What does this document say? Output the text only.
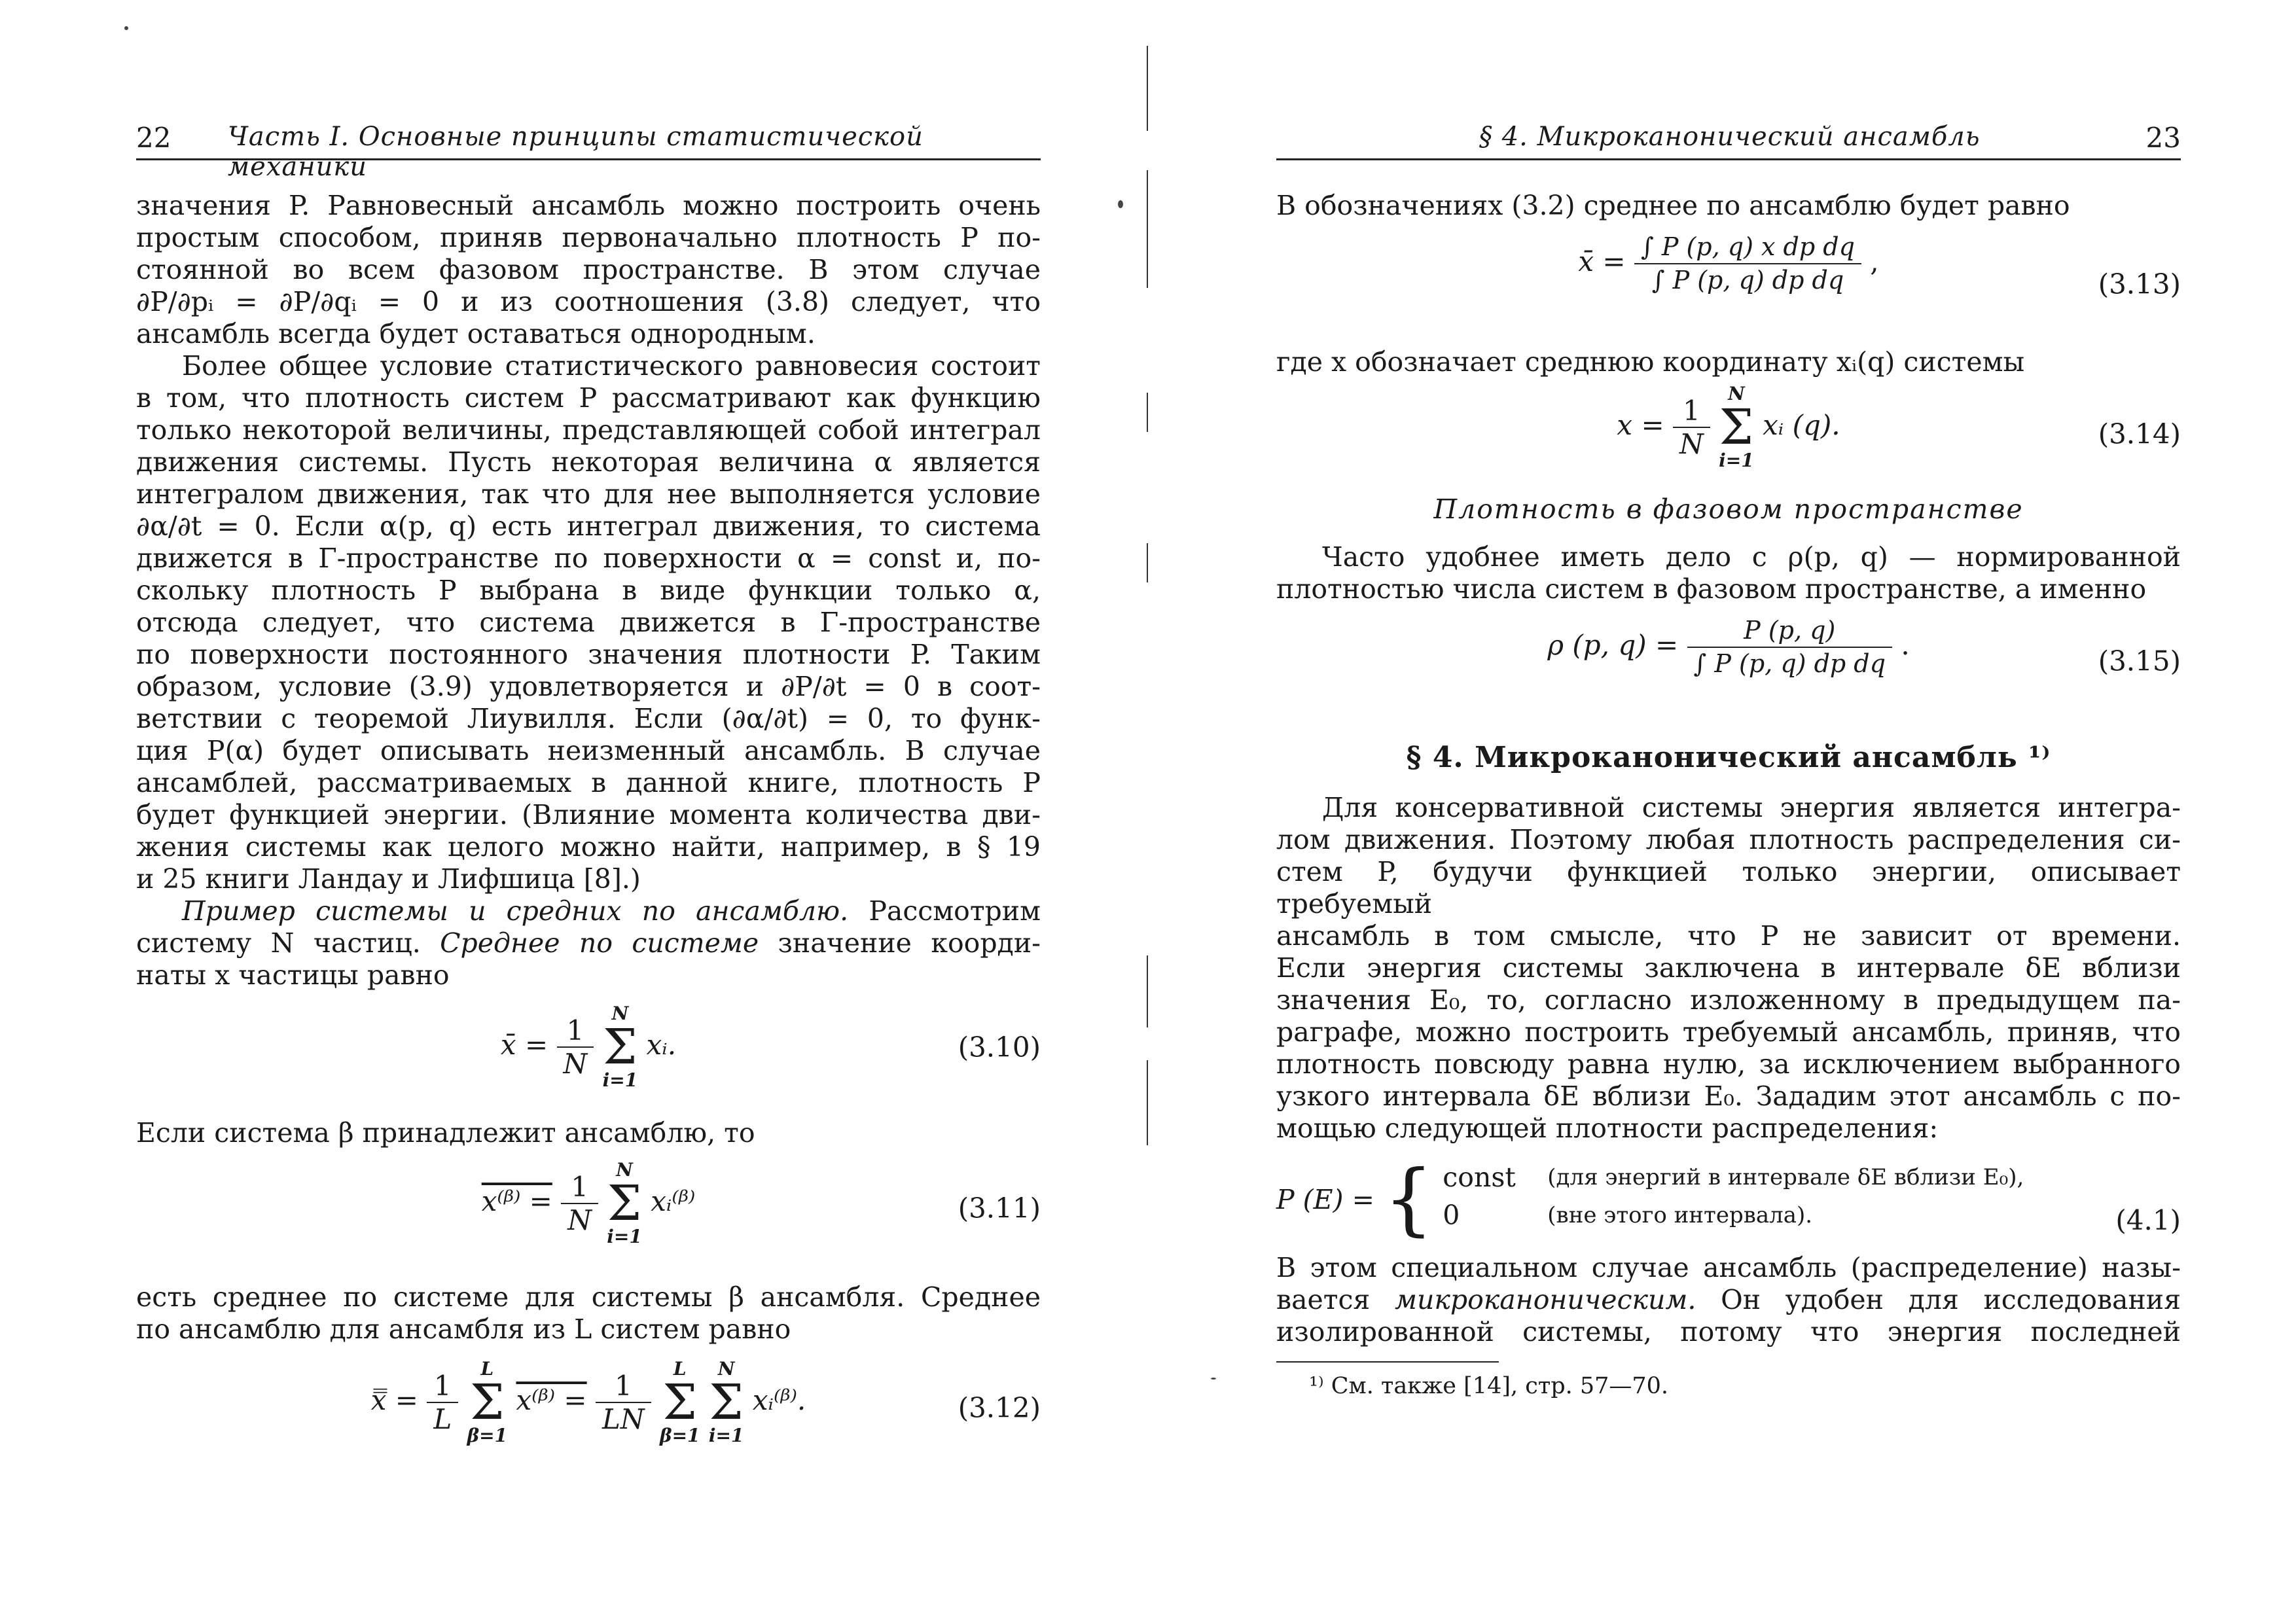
22 Часть I. Основные принципы статистической механики

значения P. Равновесный ансамбль можно построить очень

простым способом, приняв первоначально плотность P по-

стоянной во всем фазовом пространстве. В этом случае

∂P/∂pᵢ = ∂P/∂qᵢ = 0 и из соотношения (3.8) следует, что

ансамбль всегда будет оставаться однородным.

Более общее условие статистического равновесия состоит

в том, что плотность систем P рассматривают как функцию

только некоторой величины, представляющей собой интеграл

движения системы. Пусть некоторая величина α является

интегралом движения, так что для нее выполняется условие

∂α/∂t = 0. Если α(p, q) есть интеграл движения, то система

движется в Γ-пространстве по поверхности α = const и, по-

скольку плотность P выбрана в виде функции только α,

отсюда следует, что система движется в Γ-пространстве

по поверхности постоянного значения плотности P. Таким

образом, условие (3.9) удовлетворяется и ∂P/∂t = 0 в соот-

ветствии с теоремой Лиувилля. Если (∂α/∂t) = 0, то функ-

ция P(α) будет описывать неизменный ансамбль. В случае

ансамблей, рассматриваемых в данной книге, плотность P

будет функцией энергии. (Влияние момента количества дви-

жения системы как целого можно найти, например, в § 19

и 25 книги Ландау и Лифшица [8].)

Пример системы и средних по ансамблю. Рассмотрим

систему N частиц. Среднее по системе значение коорди-

наты x частицы равно

x̄ = $\frac{1}{N}$

N
Σ
i=1
xᵢ.	(3.10)

Если система β принадлежит ансамблю, то

x⁽ᵝ⁾ = $\frac{1}{N}$

N
Σ
i=1
xᵢ⁽ᵝ⁾	(3.11)

есть среднее по системе для системы β ансамбля. Среднее

по ансамблю для ансамбля из L систем равно

x̿ = $\frac{1}{L}$

L
Σ
β=1
x⁽ᵝ⁾ = $\frac{1}{LN}$

L
Σ
β=1

N
Σ
i=1
xᵢ⁽ᵝ⁾.	(3.12)
§ 4. Микроканонический ансамбль	23

В обозначениях (3.2) среднее по ансамблю будет равно

x̄ = $\frac{\text{∫ P (p, q) x dp dq}}{\text{∫ P (p, q) dp dq}}$ ,
(3.13)

где x обозначает среднюю координату xᵢ(q) системы

$x = \frac{1}{N}$

N
Σ
i=1
xᵢ (q).	(3.14)
Плотность в фазовом пространстве

Часто удобнее иметь дело с ρ(p, q) — нормированной

плотностью числа систем в фазовом пространстве, а именно

ρ (p, $q) = \frac{P (p, q)}{\text{∫ P (p, q) dp dq}}$ .	(3.15)
§ 4. Микроканонический ансамбль ¹⁾

Для консервативной системы энергия является интегра-

лом движения. Поэтому любая плотность распределения си-

стем P, будучи функцией только энергии, описывает требуемый

ансамбль в том смысле, что P не зависит от времени.

Если энергия системы заключена в интервале δE вблизи

значения E₀, то, согласно изложенному в предыдущем па-

раграфе, можно построить требуемый ансамбль, приняв, что

плотность повсюду равна нулю, за исключением выбранного

узкого интервала δE вблизи E₀. Зададим этот ансамбль с по-

мощью следующей плотности распределения:

P (E) = { const	(для энергий в интервале δE вблизи E₀),
0	(вне этого интервала).	(4.1)

В этом специальном случае ансамбль (распределение) назы-

вается микроканоническим. Он удобен для исследования

изолированной системы, потому что энергия последней

¹⁾ См. также [14], стр. 57—70.
